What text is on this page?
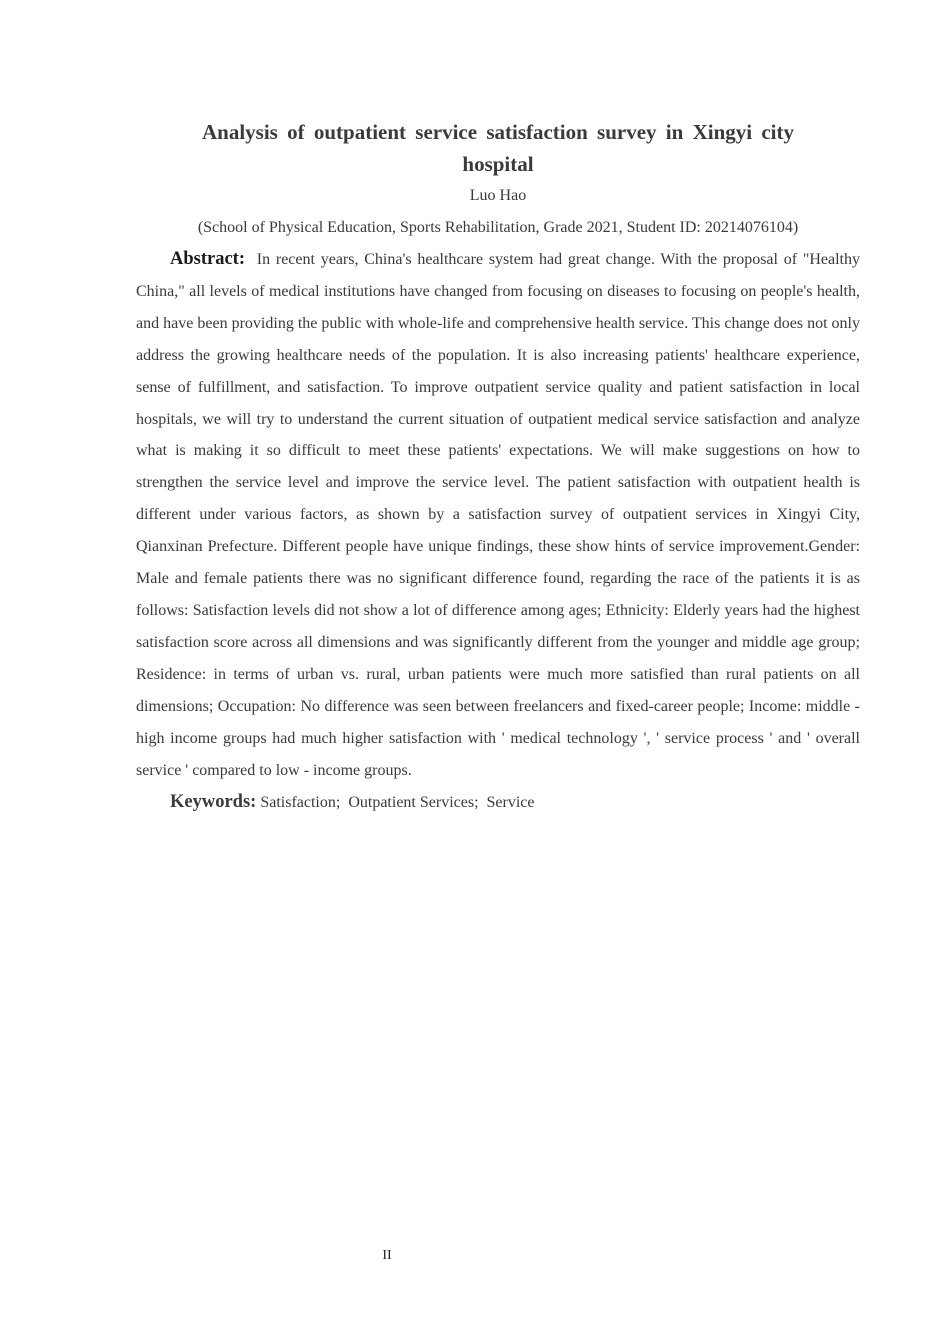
Analysis of outpatient service satisfaction survey in Xingyi city hospital
Luo Hao
(School of Physical Education, Sports Rehabilitation, Grade 2021, Student ID: 20214076104)

Abstract: In recent years, China's healthcare system had great change. With the proposal of "Healthy China," all levels of medical institutions have changed from focusing on diseases to focusing on people's health, and have been providing the public with whole-life and comprehensive health service. This change does not only address the growing healthcare needs of the population. It is also increasing patients' healthcare experience, sense of fulfillment, and satisfaction. To improve outpatient service quality and patient satisfaction in local hospitals, we will try to understand the current situation of outpatient medical service satisfaction and analyze what is making it so difficult to meet these patients' expectations. We will make suggestions on how to strengthen the service level and improve the service level. The patient satisfaction with outpatient health is different under various factors, as shown by a satisfaction survey of outpatient services in Xingyi City, Qianxinan Prefecture. Different people have unique findings, these show hints of service improvement.Gender: Male and female patients there was no significant difference found, regarding the race of the patients it is as follows: Satisfaction levels did not show a lot of difference among ages; Ethnicity: Elderly years had the highest satisfaction score across all dimensions and was significantly different from the younger and middle age group; Residence: in terms of urban vs. rural, urban patients were much more satisfied than rural patients on all dimensions; Occupation: No difference was seen between freelancers and fixed-career people; Income: middle - high income groups had much higher satisfaction with ' medical technology ', ' service process ' and ' overall service ' compared to low - income groups.

Keywords: Satisfaction;  Outpatient Services;  Service

II
